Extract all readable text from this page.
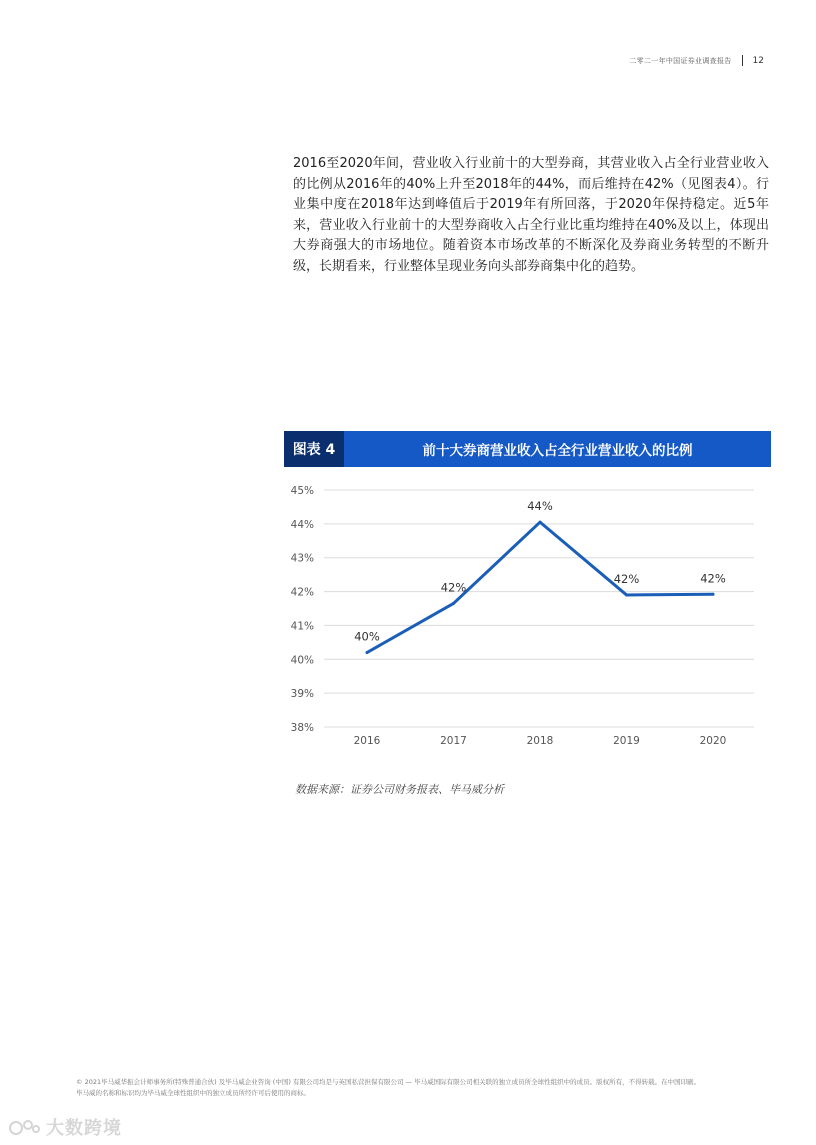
二零二一年中国证券业调查报告 12

2016至2020年间，营业收入行业前十的大型券商，其营业收入占全行业营业收入的比例从2016年的40%上升至2018年的44%，而后维持在42%（见图表4）。行业集中度在2018年达到峰值后于2019年有所回落，于2020年保持稳定。近5年来，营业收入行业前十的大型券商收入占全行业比重均维持在40%及以上，体现出大券商强大的市场地位。随着资本市场改革的不断深化及券商业务转型的不断升级，长期看来，行业整体呈现业务向头部券商集中化的趋势。

图表 4	前十大券商营业收入占全行业营业收入的比例
38%
39%
40%
41%
42%
43%
44%
45%
2016	2017	2018	2019	2020
40%
42%
44%
42%	42%
数据来源：证券公司财务报表、毕马威分析

© 2021毕马威华振会计师事务所(特殊普通合伙) 及毕马威企业咨询 (中国) 有限公司均是与英国私营担保有限公司 — 毕马威国际有限公司相关联的独立成员所全球性组织中的成员。版权所有，不得转载。在中国印刷。

毕马威的名称和标识均为毕马威全球性组织中的独立成员所经许可后使用的商标。

大数跨境
